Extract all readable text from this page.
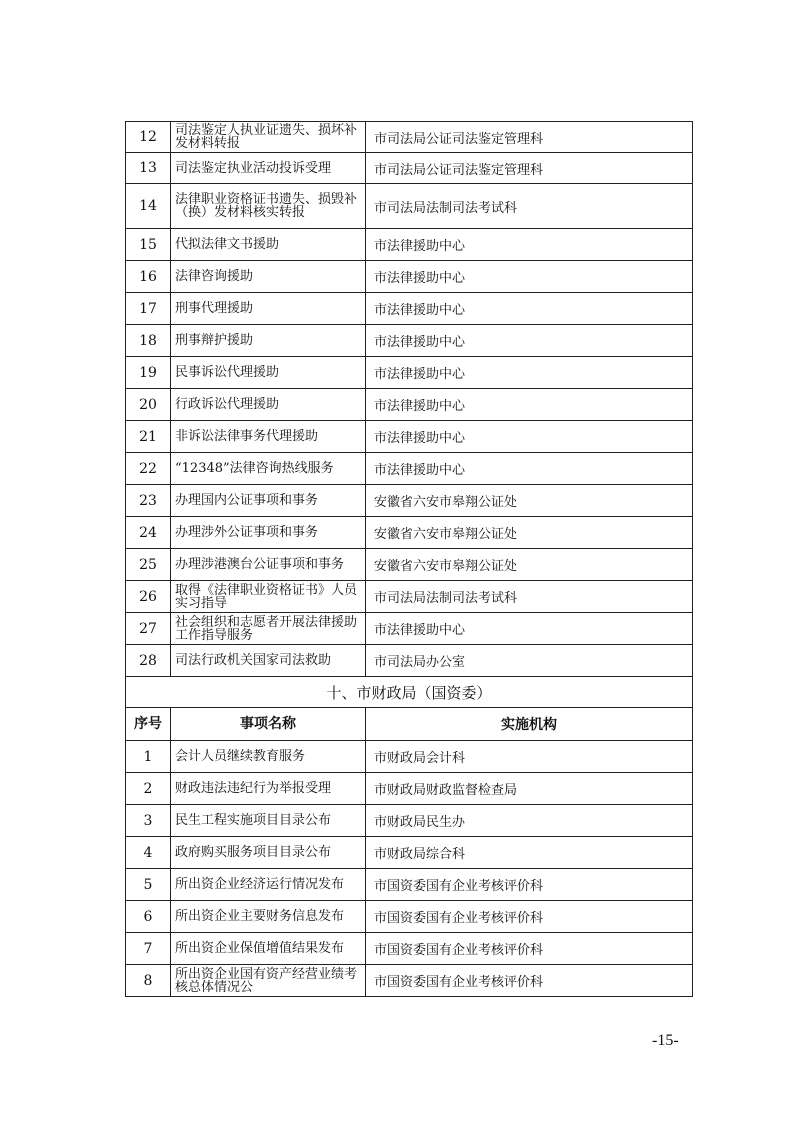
12	司法鉴定人执业证遗失、损坏补发材料转报	市司法局公证司法鉴定管理科
13	司法鉴定执业活动投诉受理	市司法局公证司法鉴定管理科
14	法律职业资格证书遗失、损毁补（换）发材料核实转报	市司法局法制司法考试科
15	代拟法律文书援助	市法律援助中心
16	法律咨询援助	市法律援助中心
17	刑事代理援助	市法律援助中心
18	刑事辩护援助	市法律援助中心
19	民事诉讼代理援助	市法律援助中心
20	行政诉讼代理援助	市法律援助中心
21	非诉讼法律事务代理援助	市法律援助中心
22	“12348”法律咨询热线服务	市法律援助中心
23	办理国内公证事项和事务	安徽省六安市皋翔公证处
24	办理涉外公证事项和事务	安徽省六安市皋翔公证处
25	办理涉港澳台公证事项和事务	安徽省六安市皋翔公证处
26	取得《法律职业资格证书》人员实习指导	市司法局法制司法考试科
27	社会组织和志愿者开展法律援助工作指导服务	市法律援助中心
28	司法行政机关国家司法救助	市司法局办公室
十、市财政局（国资委）		
序号	事项名称	实施机构
1	会计人员继续教育服务	市财政局会计科
2	财政违法违纪行为举报受理	市财政局财政监督检查局
3	民生工程实施项目目录公布	市财政局民生办
4	政府购买服务项目目录公布	市财政局综合科
5	所出资企业经济运行情况发布	市国资委国有企业考核评价科
6	所出资企业主要财务信息发布	市国资委国有企业考核评价科
7	所出资企业保值增值结果发布	市国资委国有企业考核评价科
8	所出资企业国有资产经营业绩考核总体情况公	市国资委国有企业考核评价科
-15-
